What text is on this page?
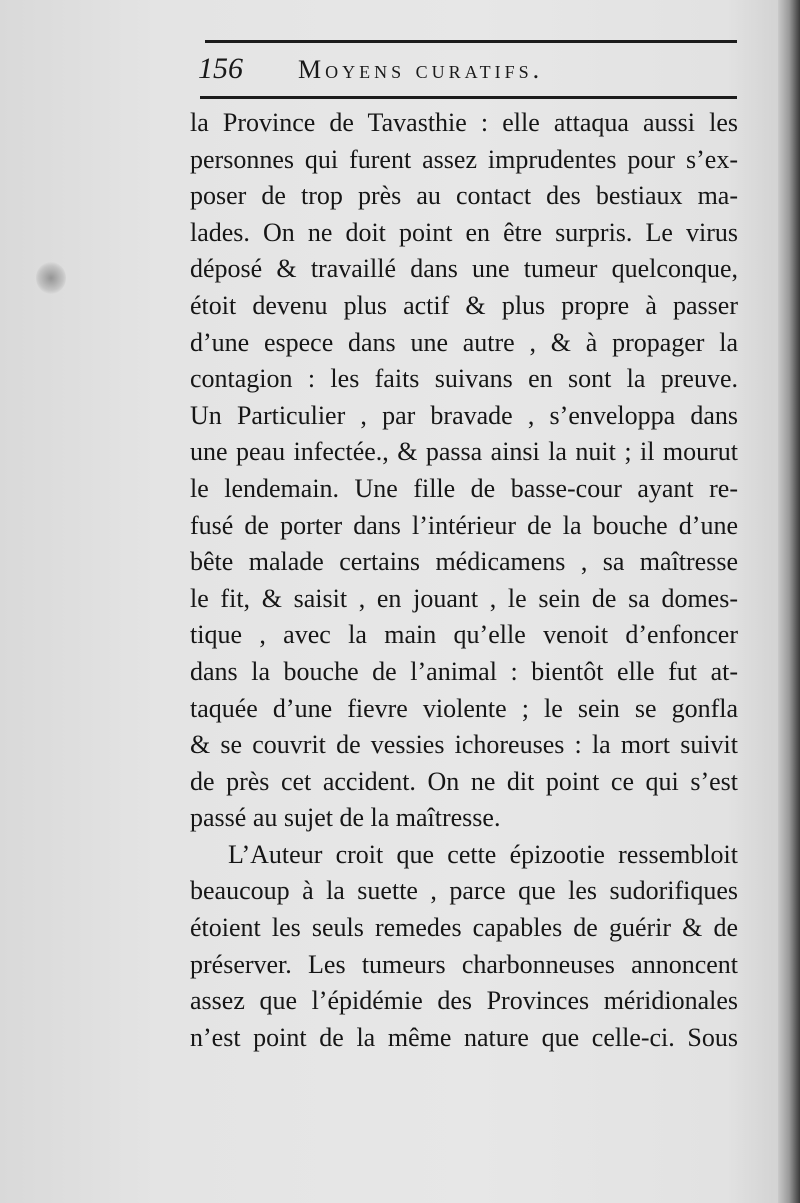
156 Moyens curatifs.
la Province de Tavasthie : elle attaqua aussi les
personnes qui furent assez imprudentes pour s’ex-
poser de trop près au contact des bestiaux ma-
lades. On ne doit point en être surpris. Le virus
déposé & travaillé dans une tumeur quelconque,
étoit devenu plus actif & plus propre à passer
d’une espece dans une autre , & à propager la
contagion : les faits suivans en sont la preuve.
Un Particulier , par bravade , s’enveloppa dans
une peau infectée., & passa ainsi la nuit ; il mourut
le lendemain. Une fille de basse-cour ayant re-
fusé de porter dans l’intérieur de la bouche d’une
bête malade certains médicamens , sa maîtresse
le fit, & saisit , en jouant , le sein de sa domes-
tique , avec la main qu’elle venoit d’enfoncer
dans la bouche de l’animal : bientôt elle fut at-
taquée d’une fievre violente ; le sein se gonfla
& se couvrit de vessies ichoreuses : la mort suivit
de près cet accident. On ne dit point ce qui s’est
passé au sujet de la maîtresse.
L’Auteur croit que cette épizootie ressembloit
beaucoup à la suette , parce que les sudorifiques
étoient les seuls remedes capables de guérir & de
préserver. Les tumeurs charbonneuses annoncent
assez que l’épidémie des Provinces méridionales
n’est point de la même nature que celle-ci. Sous
